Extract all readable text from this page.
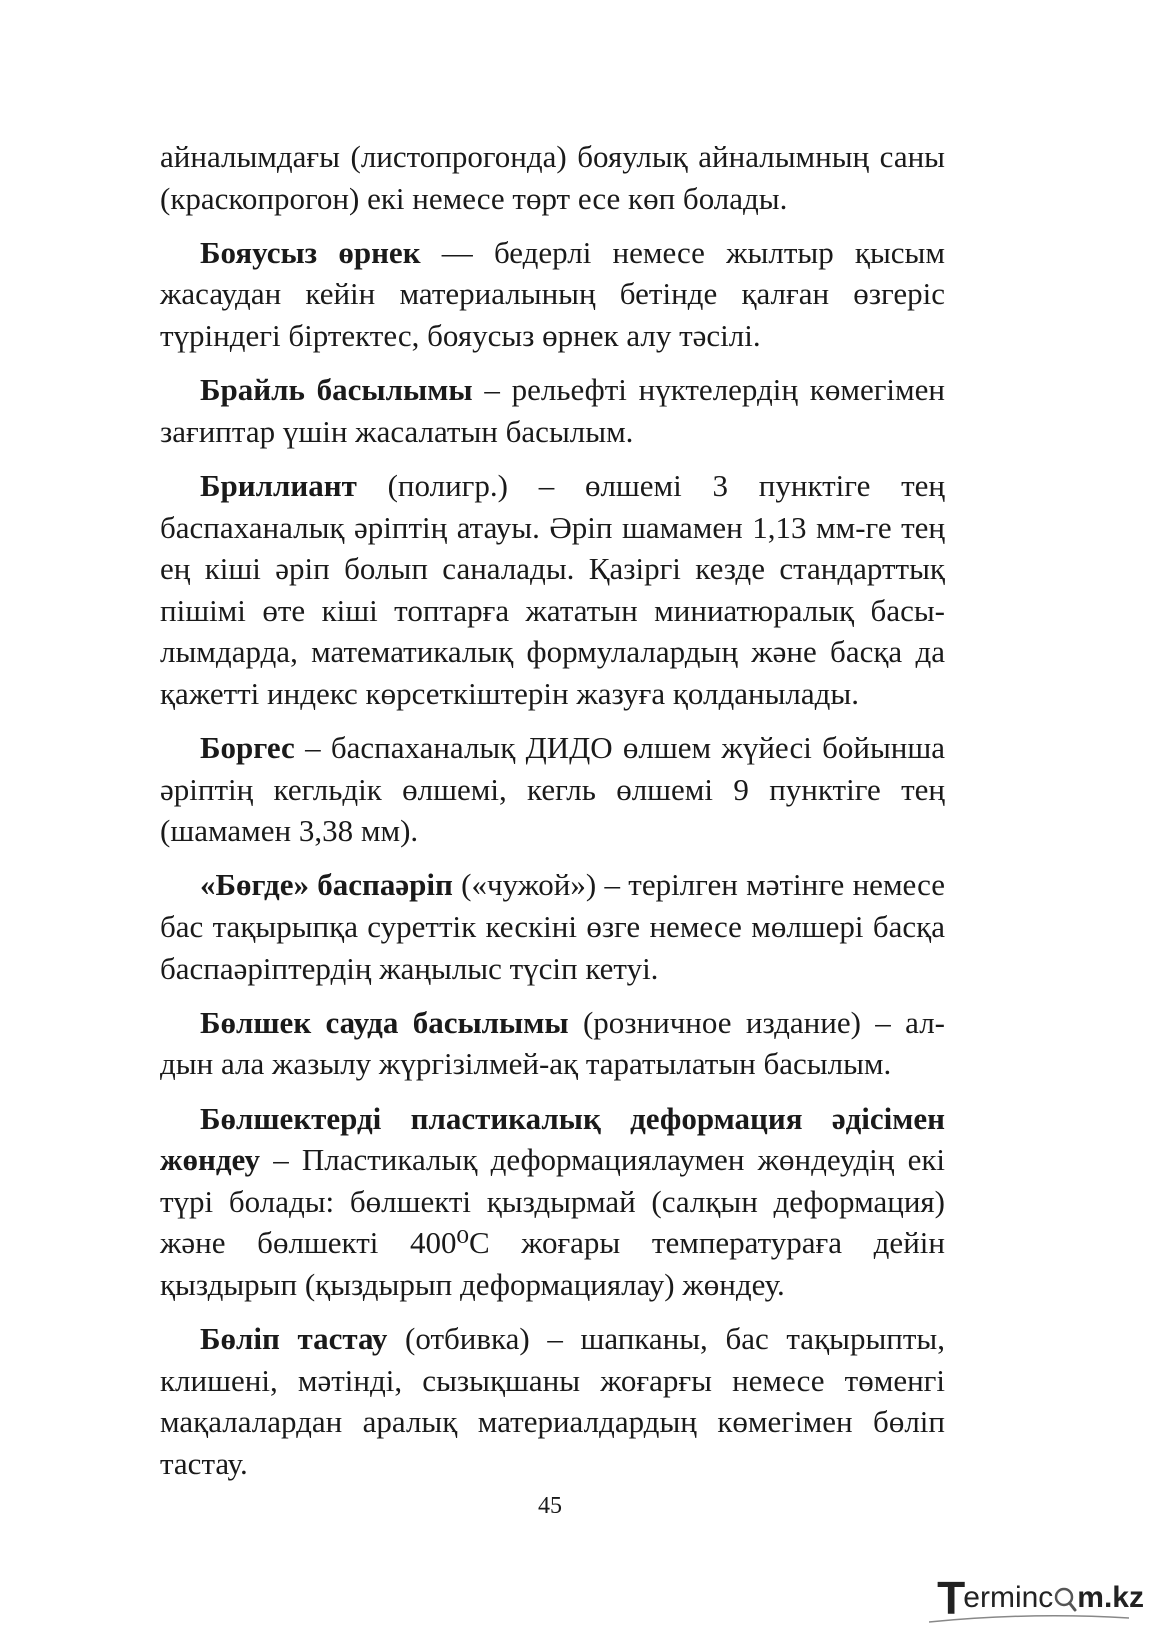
айналымдағы (листопрогонда) бояулық айналымның саны (краскопрогон) екі немесе төрт есе көп болады.

Бояусыз өрнек — бедерлі немесе жылтыр қысым жасаудан кейін материалының бетінде қалған өзгеріс түріндегі біртектес, бояусыз өрнек алу тәсілі.

Брайль басылымы – рельефті нүктелердің көмегімен зағиптар үшін жасалатын басылым.

Бриллиант (полигр.) – өлшемі 3 пунктіге тең баспаханалық әріптің атауы. Әріп шамамен 1,13 мм-ге тең ең кіші әріп болып саналады. Қазіргі кезде стандарттық пішімі өте кіші топтарға жататын миниатюралық басылымдарда, математикалық формулалардың және басқа да қажетті индекс көрсеткіштерін жазуға қолданылады.

Боргес – баспаханалық ДИДО өлшем жүйесі бойынша әріптің кегльдік өлшемі, кегль өлшемі 9 пунктіге тең (шамамен 3,38 мм).

«Бөгде» баспаәріп («чужой») – терілген мәтінге немесе бас тақырыпқа суреттік кескіні өзге немесе мөлшері басқа баспаәріптердің жаңылыс түсіп кетуі.

Бөлшек сауда басылымы (розничное издание) – алдын ала жазылу жүргізілмей-ақ таратылатын басылым.

Бөлшектерді пластикалық деформация әдісімен жөндеу – Пластикалық деформациялаумен жөндеудің екі түрі болады: бөлшекті қыздырмай (салқын деформация) және бөлшекті 400⁰С жоғары температураға дейін қыздырып (қыздырып деформациялау) жөндеу.

Бөліп тастау (отбивка) – шапканы, бас тақырыпты, клишені, мәтінді, сызықшаны жоғарғы немесе төменгі мақалалардан аралық материалдардың көмегімен бөліп тастау.

45
T
erminc m.kz
